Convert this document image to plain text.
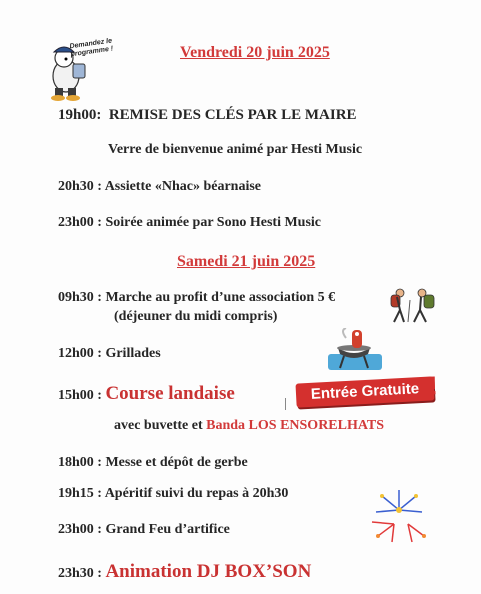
Demandez le programme !	Vendredi 20 juin 2025
19h00: REMISE DES CLÉS PAR LE MAIRE
Verre de bienvenue animé par Hesti Music
20h30 : Assiette «Nhac» béarnaise
23h00 : Soirée animée par Sono Hesti Music
Samedi 21 juin 2025
09h30 : Marche au profit d’une association 5 €
(déjeuner du midi compris)
12h00 : Grillades
15h00 : Course landaise	Entrée Gratuite !
avec buvette et Banda LOS ENSORELHATS
18h00 : Messe et dépôt de gerbe
19h15 : Apéritif suivi du repas à 20h30
23h00 : Grand Feu d’artifice
23h30 : Animation DJ BOX’SON
